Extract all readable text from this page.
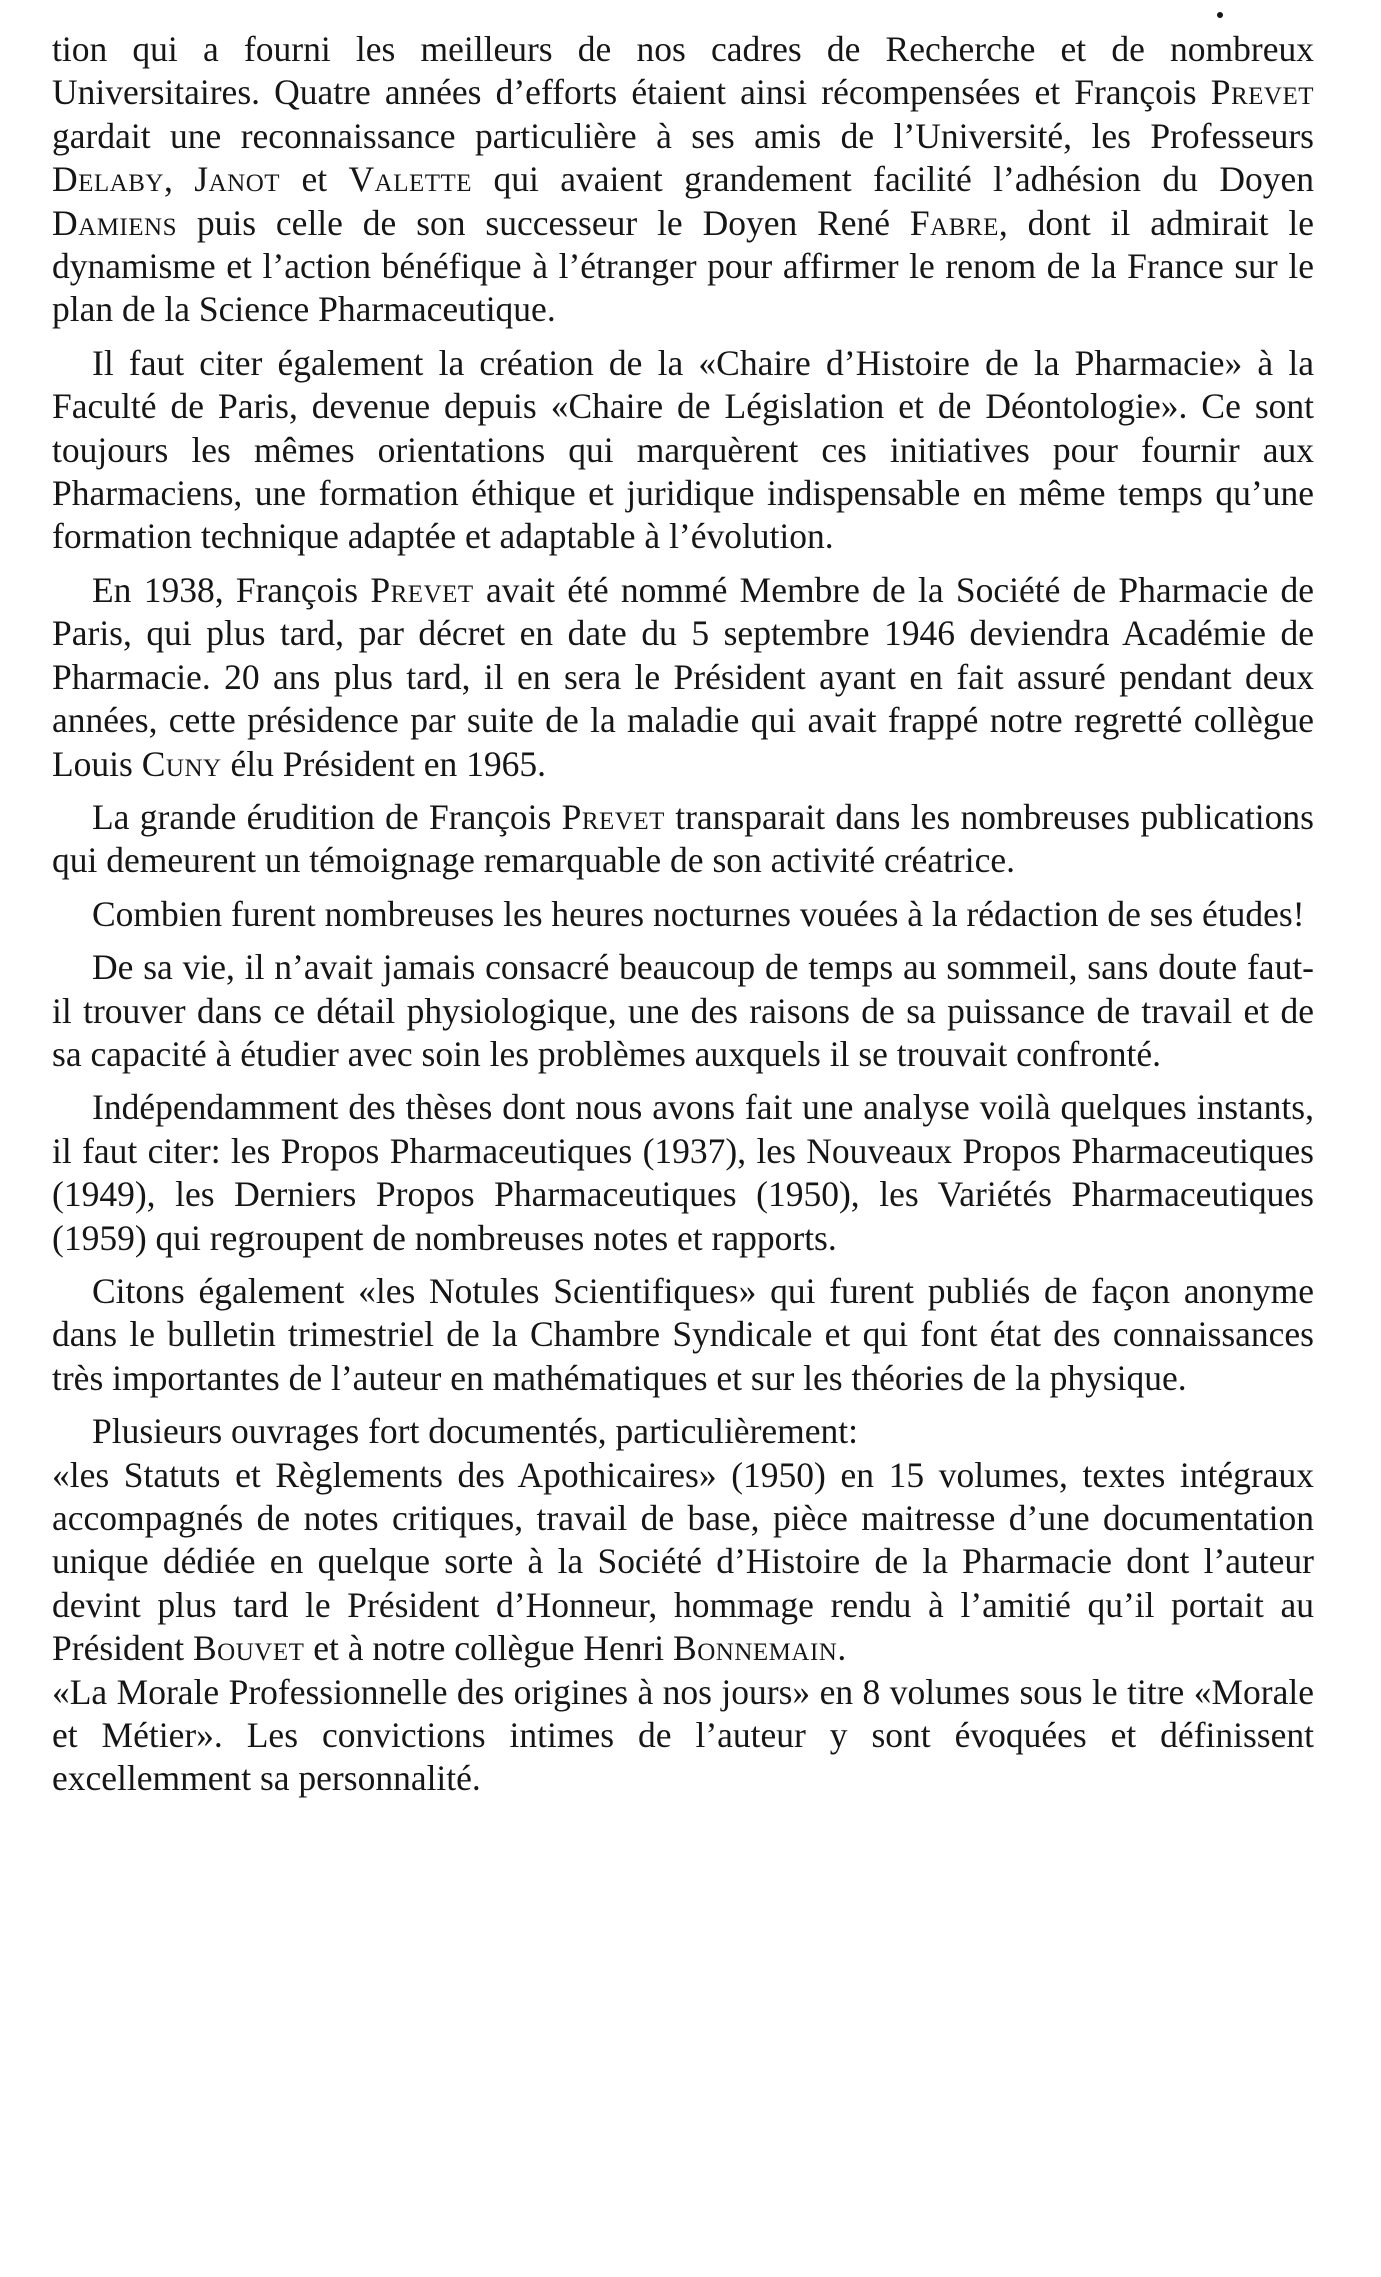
tion qui a fourni les meilleurs de nos cadres de Recherche et de nombreux Universitaires. Quatre années d’efforts étaient ainsi récompensées et François Prevet gardait une reconnaissance particulière à ses amis de l’Université, les Professeurs Delaby, Janot et Valette qui avaient grandement facilité l’adhésion du Doyen Damiens puis celle de son successeur le Doyen René Fabre, dont il admirait le dynamisme et l’action bénéfique à l’étranger pour affirmer le renom de la France sur le plan de la Science Pharmaceutique.

Il faut citer également la création de la «Chaire d’Histoire de la Pharmacie» à la Faculté de Paris, devenue depuis «Chaire de Législation et de Déontologie». Ce sont toujours les mêmes orientations qui marquèrent ces initiatives pour fournir aux Pharmaciens, une formation éthique et juridique indispensable en même temps qu’une formation technique adaptée et adaptable à l’évolution.

En 1938, François Prevet avait été nommé Membre de la Société de Pharmacie de Paris, qui plus tard, par décret en date du 5 septembre 1946 deviendra Académie de Pharmacie. 20 ans plus tard, il en sera le Président ayant en fait assuré pendant deux années, cette présidence par suite de la maladie qui avait frappé notre regretté collègue Louis Cuny élu Président en 1965.

La grande érudition de François Prevet transparait dans les nombreuses publications qui demeurent un témoignage remarquable de son activité créatrice.

Combien furent nombreuses les heures nocturnes vouées à la rédaction de ses études!

De sa vie, il n’avait jamais consacré beaucoup de temps au sommeil, sans doute faut-il trouver dans ce détail physiologique, une des raisons de sa puissance de travail et de sa capacité à étudier avec soin les problèmes auxquels il se trouvait confronté.

Indépendamment des thèses dont nous avons fait une analyse voilà quelques instants, il faut citer: les Propos Pharmaceutiques (1937), les Nouveaux Propos Pharmaceutiques (1949), les Derniers Propos Pharmaceutiques (1950), les Variétés Pharmaceutiques (1959) qui regroupent de nombreuses notes et rapports.

Citons également «les Notules Scientifiques» qui furent publiés de façon anonyme dans le bulletin trimestriel de la Chambre Syndicale et qui font état des connaissances très importantes de l’auteur en mathématiques et sur les théories de la physique.

Plusieurs ouvrages fort documentés, particulièrement:

«les Statuts et Règlements des Apothicaires» (1950) en 15 volumes, textes intégraux accompagnés de notes critiques, travail de base, pièce maitresse d’une documentation unique dédiée en quelque sorte à la Société d’Histoire de la Pharmacie dont l’auteur devint plus tard le Président d’Honneur, hommage rendu à l’amitié qu’il portait au Président Bouvet et à notre collègue Henri Bonnemain.

«La Morale Professionnelle des origines à nos jours» en 8 volumes sous le titre «Morale et Métier». Les convictions intimes de l’auteur y sont évoquées et définissent excellemment sa personnalité.
